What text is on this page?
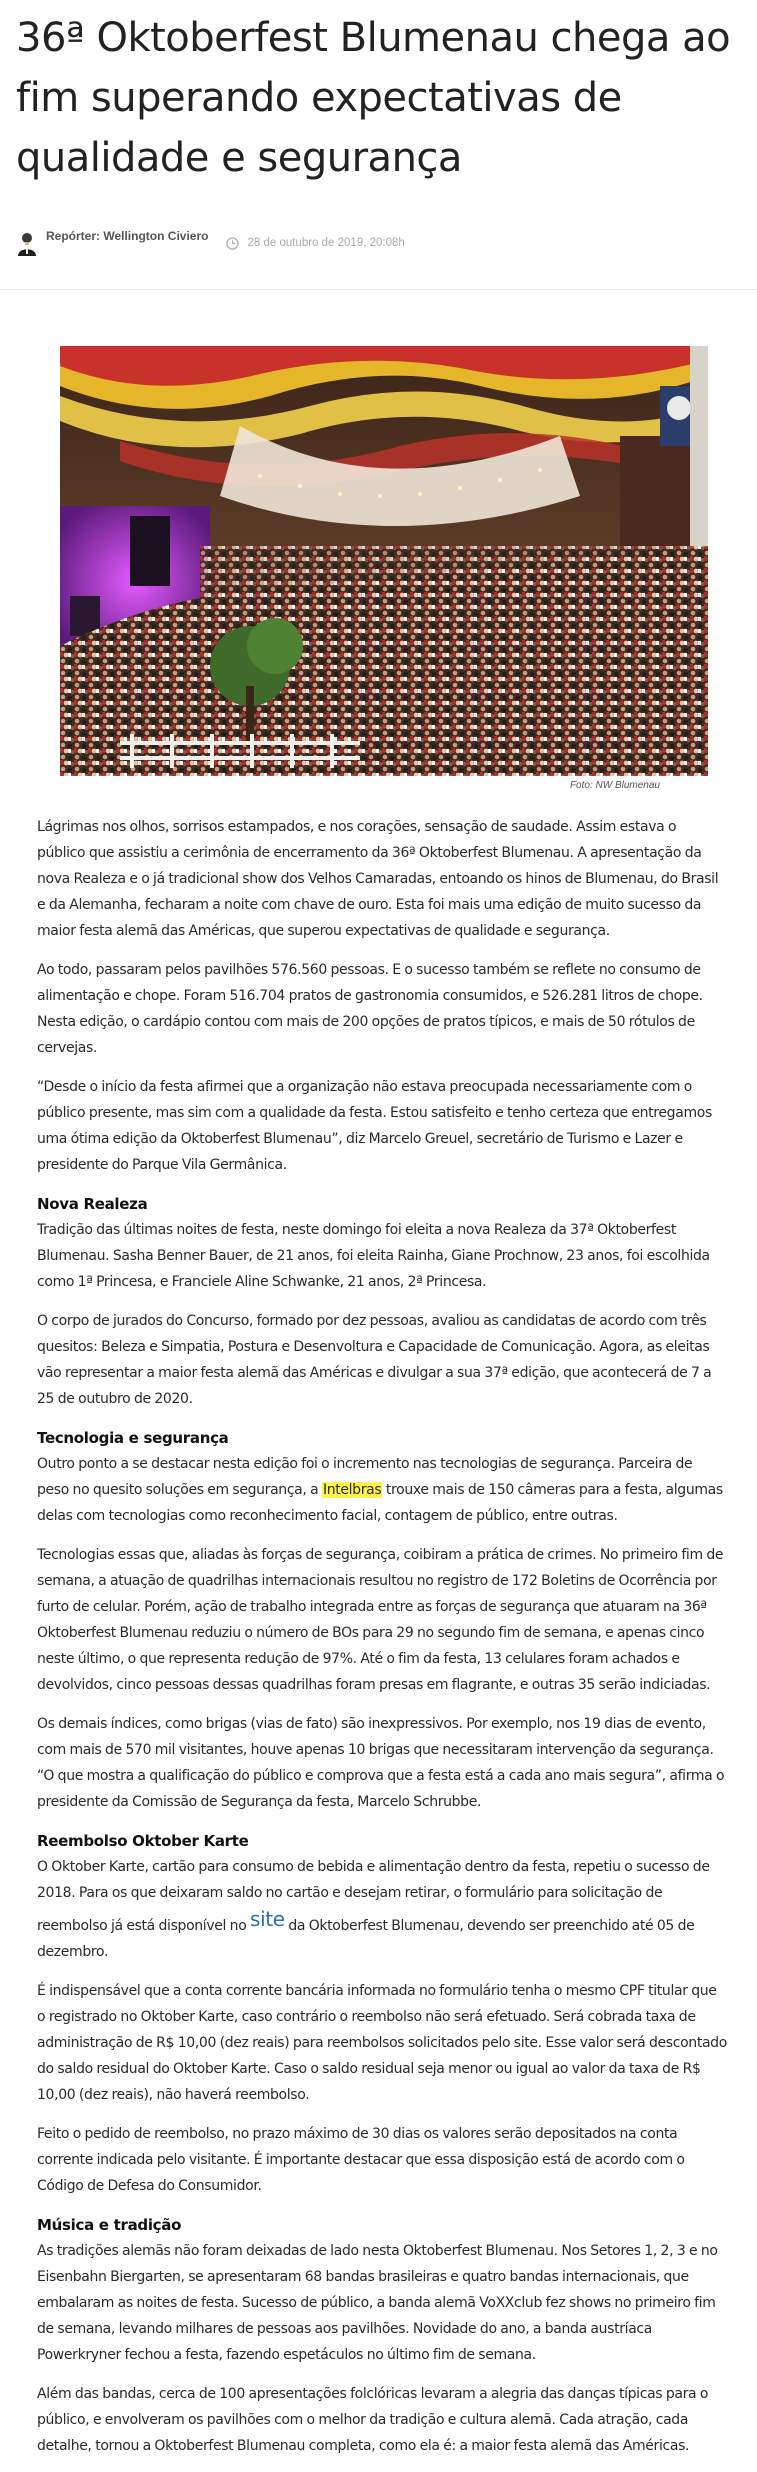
36ª Oktoberfest Blumenau chega ao fim superando expectativas de qualidade e segurança
Repórter: Wellington Civiero	28 de outubro de 2019, 20:08h
Foto: NW Blumenau

Lágrimas nos olhos, sorrisos estampados, e nos corações, sensação de saudade. Assim estava o público que assistiu a cerimônia de encerramento da 36ª Oktoberfest Blumenau. A apresentação da nova Realeza e o já tradicional show dos Velhos Camaradas, entoando os hinos de Blumenau, do Brasil e da Alemanha, fecharam a noite com chave de ouro. Esta foi mais uma edição de muito sucesso da maior festa alemã das Américas, que superou expectativas de qualidade e segurança.

Ao todo, passaram pelos pavilhões 576.560 pessoas. E o sucesso também se reflete no consumo de alimentação e chope. Foram 516.704 pratos de gastronomia consumidos, e 526.281 litros de chope. Nesta edição, o cardápio contou com mais de 200 opções de pratos típicos, e mais de 50 rótulos de cervejas.

“Desde o início da festa afirmei que a organização não estava preocupada necessariamente com o público presente, mas sim com a qualidade da festa. Estou satisfeito e tenho certeza que entregamos uma ótima edição da Oktoberfest Blumenau”, diz Marcelo Greuel, secretário de Turismo e Lazer e presidente do Parque Vila Germânica.

Nova Realeza

Tradição das últimas noites de festa, neste domingo foi eleita a nova Realeza da 37ª Oktoberfest Blumenau. Sasha Benner Bauer, de 21 anos, foi eleita Rainha, Giane Prochnow, 23 anos, foi escolhida como 1ª Princesa, e Franciele Aline Schwanke, 21 anos, 2ª Princesa.

O corpo de jurados do Concurso, formado por dez pessoas, avaliou as candidatas de acordo com três quesitos: Beleza e Simpatia, Postura e Desenvoltura e Capacidade de Comunicação. Agora, as eleitas vão representar a maior festa alemã das Américas e divulgar a sua 37ª edição, que acontecerá de 7 a 25 de outubro de 2020.

Tecnologia e segurança

Outro ponto a se destacar nesta edição foi o incremento nas tecnologias de segurança. Parceira de peso no quesito soluções em segurança, a Intelbras trouxe mais de 150 câmeras para a festa, algumas delas com tecnologias como reconhecimento facial, contagem de público, entre outras.

Tecnologias essas que, aliadas às forças de segurança, coibiram a prática de crimes. No primeiro fim de semana, a atuação de quadrilhas internacionais resultou no registro de 172 Boletins de Ocorrência por furto de celular. Porém, ação de trabalho integrada entre as forças de segurança que atuaram na 36ª Oktoberfest Blumenau reduziu o número de BOs para 29 no segundo fim de semana, e apenas cinco neste último, o que representa redução de 97%. Até o fim da festa, 13 celulares foram achados e devolvidos, cinco pessoas dessas quadrilhas foram presas em flagrante, e outras 35 serão indiciadas.

Os demais índices, como brigas (vias de fato) são inexpressivos. Por exemplo, nos 19 dias de evento, com mais de 570 mil visitantes, houve apenas 10 brigas que necessitaram intervenção da segurança. “O que mostra a qualificação do público e comprova que a festa está a cada ano mais segura”, afirma o presidente da Comissão de Segurança da festa, Marcelo Schrubbe.

Reembolso Oktober Karte

O Oktober Karte, cartão para consumo de bebida e alimentação dentro da festa, repetiu o sucesso de 2018. Para os que deixaram saldo no cartão e desejam retirar, o formulário para solicitação de reembolso já está disponível no site da Oktoberfest Blumenau, devendo ser preenchido até 05 de dezembro.

É indispensável que a conta corrente bancária informada no formulário tenha o mesmo CPF titular que o registrado no Oktober Karte, caso contrário o reembolso não será efetuado. Será cobrada taxa de administração de R$ 10,00 (dez reais) para reembolsos solicitados pelo site. Esse valor será descontado do saldo residual do Oktober Karte. Caso o saldo residual seja menor ou igual ao valor da taxa de R$ 10,00 (dez reais), não haverá reembolso.

Feito o pedido de reembolso, no prazo máximo de 30 dias os valores serão depositados na conta corrente indicada pelo visitante. É importante destacar que essa disposição está de acordo com o Código de Defesa do Consumidor.

Música e tradição

As tradições alemãs não foram deixadas de lado nesta Oktoberfest Blumenau. Nos Setores 1, 2, 3 e no Eisenbahn Biergarten, se apresentaram 68 bandas brasileiras e quatro bandas internacionais, que embalaram as noites de festa. Sucesso de público, a banda alemã VoXXclub fez shows no primeiro fim de semana, levando milhares de pessoas aos pavilhões. Novidade do ano, a banda austríaca Powerkryner fechou a festa, fazendo espetáculos no último fim de semana.

Além das bandas, cerca de 100 apresentações folclóricas levaram a alegria das danças típicas para o público, e envolveram os pavilhões com o melhor da tradição e cultura alemã. Cada atração, cada detalhe, tornou a Oktoberfest Blumenau completa, como ela é: a maior festa alemã das Américas.
